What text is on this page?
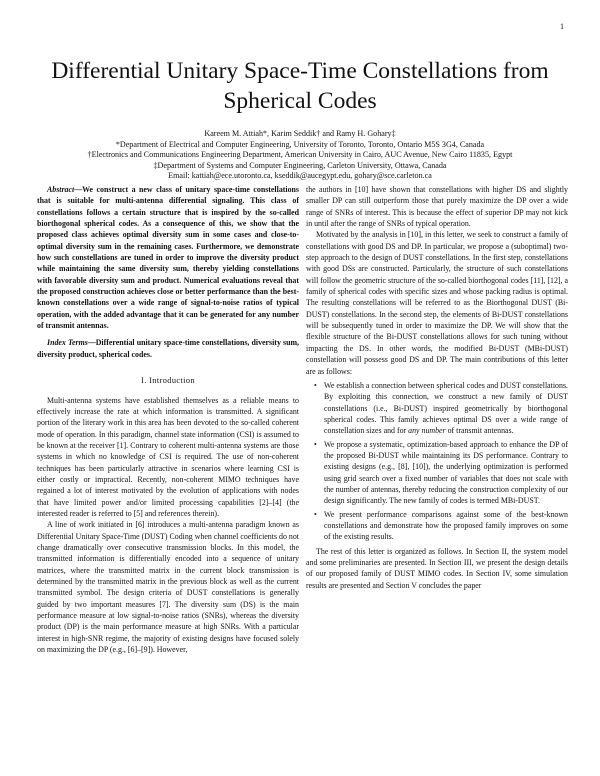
1
Differential Unitary Space-Time Constellations from Spherical Codes
Kareem M. Attiah*, Karim Seddik† and Ramy H. Gohary‡
*Department of Electrical and Computer Engineering, University of Toronto, Toronto, Ontario M5S 3G4, Canada
†Electronics and Communications Engineering Department, American University in Cairo, AUC Avenue, New Cairo 11835, Egypt
‡Department of Systems and Computer Engineering, Carleton University, Ottawa, Canada
Email: kattiah@ece.utoronto.ca, kseddik@aucegypt.edu, gohary@sce.carleton.ca

Abstract—We construct a new class of unitary space-time constellations that is suitable for multi-antenna differential signaling. This class of constellations follows a certain structure that is inspired by the so-called biorthogonal spherical codes. As a consequence of this, we show that the proposed class achieves optimal diversity sum in some cases and close-to-optimal diversity sum in the remaining cases. Furthermore, we demonstrate how such constellations are tuned in order to improve the diversity product while maintaining the same diversity sum, thereby yielding constellations with favorable diversity sum and product. Numerical evaluations reveal that the proposed construction achieves close or better performance than the best-known constellations over a wide range of signal-to-noise ratios of typical operation, with the added advantage that it can be generated for any number of transmit antennas.

Index Terms—Differential unitary space-time constellations, diversity sum, diversity product, spherical codes.

I. Introduction

Multi-antenna systems have established themselves as a reliable means to effectively increase the rate at which information is transmitted. A significant portion of the literary work in this area has been devoted to the so-called coherent mode of operation. In this paradigm, channel state information (CSI) is assumed to be known at the receiver [1]. Contrary to coherent multi-antenna systems are those systems in which no knowledge of CSI is required. The use of non-coherent techniques has been particularly attractive in scenarios where learning CSI is either costly or impractical. Recently, non-coherent MIMO techniques have regained a lot of interest motivated by the evolution of applications with nodes that have limited power and/or limited processing capabilities [2]–[4] (the interested reader is referred to [5] and references therein).

A line of work initiated in [6] introduces a multi-antenna paradigm known as Differential Unitary Space-Time (DUST) Coding when channel coefficients do not change dramatically over consecutive transmission blocks. In this model, the transmitted information is differentially encoded into a sequence of unitary matrices, where the transmitted matrix in the current block transmission is determined by the transmitted matrix in the previous block as well as the current transmitted symbol. The design criteria of DUST constellations is generally guided by two important measures [7]. The diversity sum (DS) is the main performance measure at low signal-to-noise ratios (SNRs), whereas the diversity product (DP) is the main performance measure at high SNRs. With a particular interest in high-SNR regime, the majority of existing designs have focused solely on maximizing the DP (e.g., [6]–[9]). However,

the authors in [10] have shown that constellations with higher DS and slightly smaller DP can still outperform those that purely maximize the DP over a wide range of SNRs of interest. This is because the effect of superior DP may not kick in until after the range of SNRs of typical operation.

Motivated by the analysis in [10], in this letter, we seek to construct a family of constellations with good DS and DP. In particular, we propose a (suboptimal) two-step approach to the design of DUST constellations. In the first step, constellations with good DSs are constructed. Particularly, the structure of such constellations will follow the geometric structure of the so-called biorthogonal codes [11], [12], a family of spherical codes with specific sizes and whose packing radius is optimal. The resulting constellations will be referred to as the Biorthogonal DUST (Bi-DUST) constellations. In the second step, the elements of Bi-DUST constellations will be subsequently tuned in order to maximize the DP. We will show that the flexible structure of the Bi-DUST constellations allows for such tuning without impacting the DS. In other words, the modified Bi-DUST (MBi-DUST) constellation will possess good DS and DP. The main contributions of this letter are as follows:

• We establish a connection between spherical codes and DUST constellations. By exploiting this connection, we construct a new family of DUST constellations (i.e., Bi-DUST) inspired geometrically by biorthogonal spherical codes. This family achieves optimal DS over a wide range of constellation sizes and for any number of transmit antennas.
• We propose a systematic, optimization-based approach to enhance the DP of the proposed Bi-DUST while maintaining its DS performance. Contrary to existing designs (e.g., [8], [10]), the underlying optimization is performed using grid search over a fixed number of variables that does not scale with the number of antennas, thereby reducing the construction complexity of our design significantly. The new family of codes is termed MBi-DUST.
• We present performance comparisons against some of the best-known constellations and demonstrate how the proposed family improves on some of the existing results.

The rest of this letter is organized as follows. In Section II, the system model and some preliminaries are presented. In Section III, we present the design details of our proposed family of DUST MIMO codes. In Section IV, some simulation results are presented and Section V concludes the paper
